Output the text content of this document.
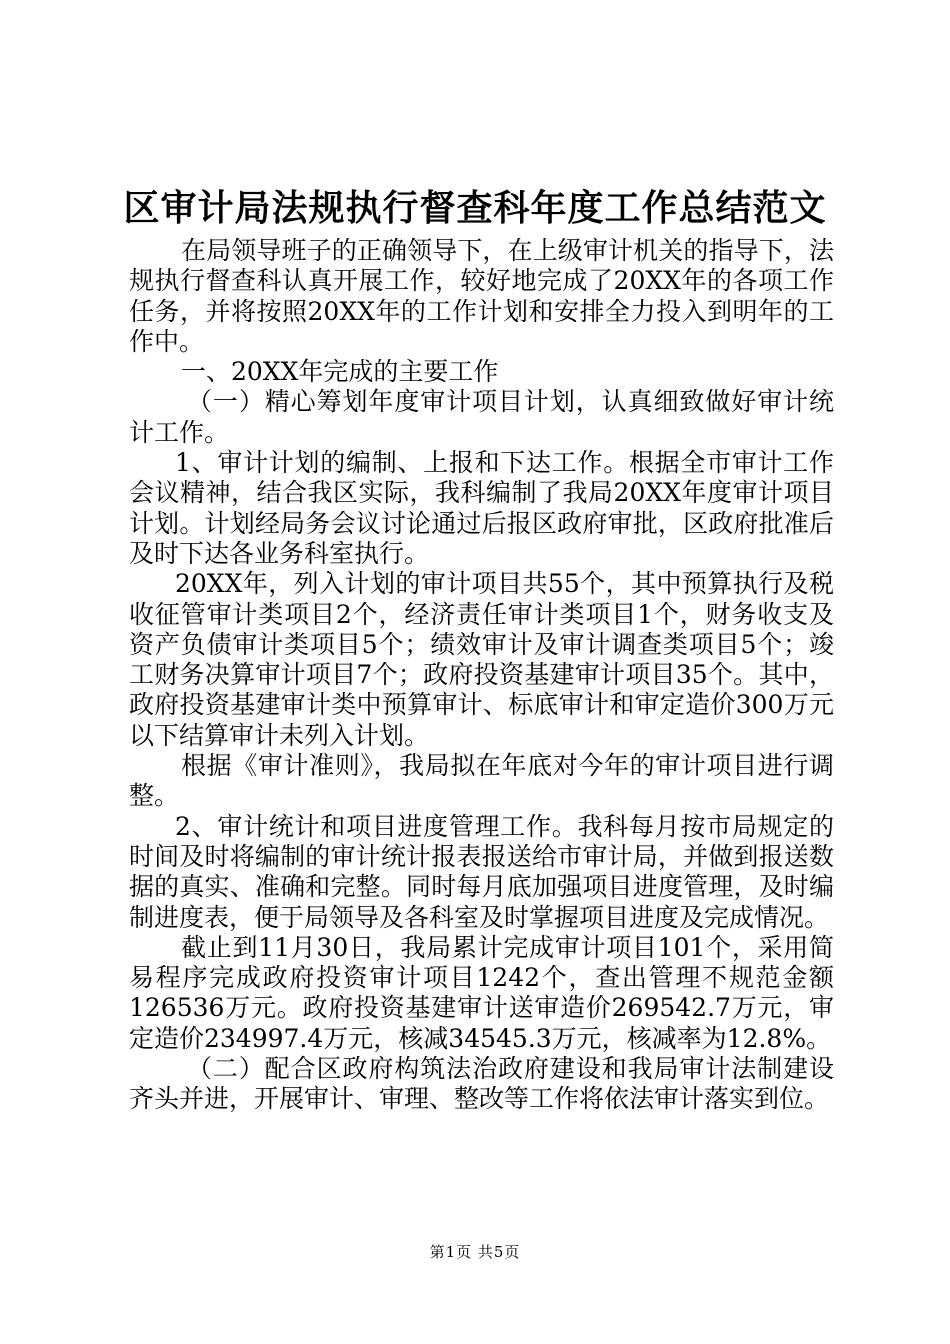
区审计局法规执行督查科年度工作总结范文

在局领导班子的正确领导下，在上级审计机关的指导下，法规执行督查科认真开展工作，较好地完成了20XX年的各项工作任务，并将按照20XX年的工作计划和安排全力投入到明年的工作中。

一、20XX年完成的主要工作

（一）精心筹划年度审计项目计划，认真细致做好审计统计工作。

1、审计计划的编制、上报和下达工作。根据全市审计工作会议精神，结合我区实际，我科编制了我局20XX年度审计项目计划。计划经局务会议讨论通过后报区政府审批，区政府批准后及时下达各业务科室执行。

20XX年，列入计划的审计项目共55个，其中预算执行及税收征管审计类项目2个，经济责任审计类项目1个，财务收支及资产负债审计类项目5个；绩效审计及审计调查类项目5个；竣工财务决算审计项目7个；政府投资基建审计项目35个。其中，政府投资基建审计类中预算审计、标底审计和审定造价300万元以下结算审计未列入计划。

根据《审计准则》，我局拟在年底对今年的审计项目进行调整。

2、审计统计和项目进度管理工作。我科每月按市局规定的时间及时将编制的审计统计报表报送给市审计局，并做到报送数据的真实、准确和完整。同时每月底加强项目进度管理，及时编制进度表，便于局领导及各科室及时掌握项目进度及完成情况。

截止到11月30日，我局累计完成审计项目101个，采用简易程序完成政府投资审计项目1242个，查出管理不规范金额126536万元。政府投资基建审计送审造价269542.7万元，审定造价234997.4万元，核减34545.3万元，核减率为12.8%。

（二）配合区政府构筑法治政府建设和我局审计法制建设齐头并进，开展审计、审理、整改等工作将依法审计落实到位。

第1页 共5页
